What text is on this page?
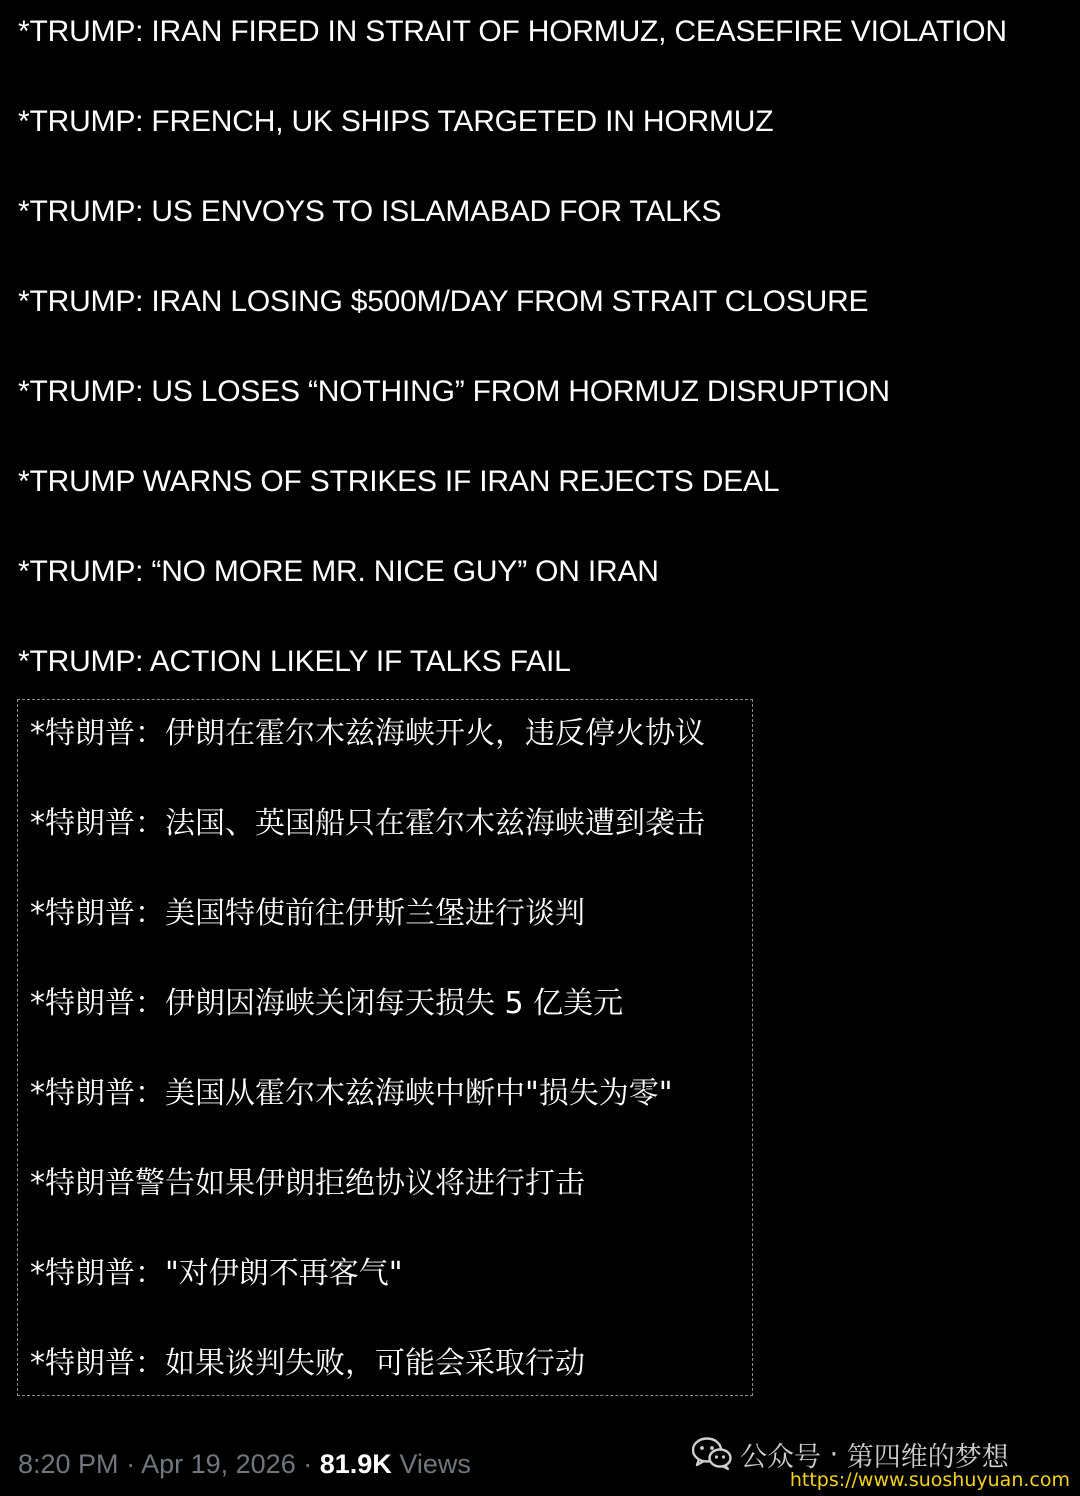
*TRUMP: IRAN FIRED IN STRAIT OF HORMUZ, CEASEFIRE VIOLATION
*TRUMP: FRENCH, UK SHIPS TARGETED IN HORMUZ
*TRUMP: US ENVOYS TO ISLAMABAD FOR TALKS
*TRUMP: IRAN LOSING $500M/DAY FROM STRAIT CLOSURE
*TRUMP: US LOSES “NOTHING” FROM HORMUZ DISRUPTION
*TRUMP WARNS OF STRIKES IF IRAN REJECTS DEAL
*TRUMP: “NO MORE MR. NICE GUY” ON IRAN
*TRUMP: ACTION LIKELY IF TALKS FAIL
*特朗普：伊朗在霍尔木兹海峡开火，违反停火协议
*特朗普：法国、英国船只在霍尔木兹海峡遭到袭击
*特朗普：美国特使前往伊斯兰堡进行谈判
*特朗普：伊朗因海峡关闭每天损失 5 亿美元
*特朗普：美国从霍尔木兹海峡中断中"损失为零"
*特朗普警告如果伊朗拒绝协议将进行打击
*特朗普："对伊朗不再客气"
*特朗普：如果谈判失败，可能会采取行动
8:20 PM · Apr 19, 2026 · 81.9K Views	公众号 · 第四维的梦想
https://www.suoshuyuan.com
